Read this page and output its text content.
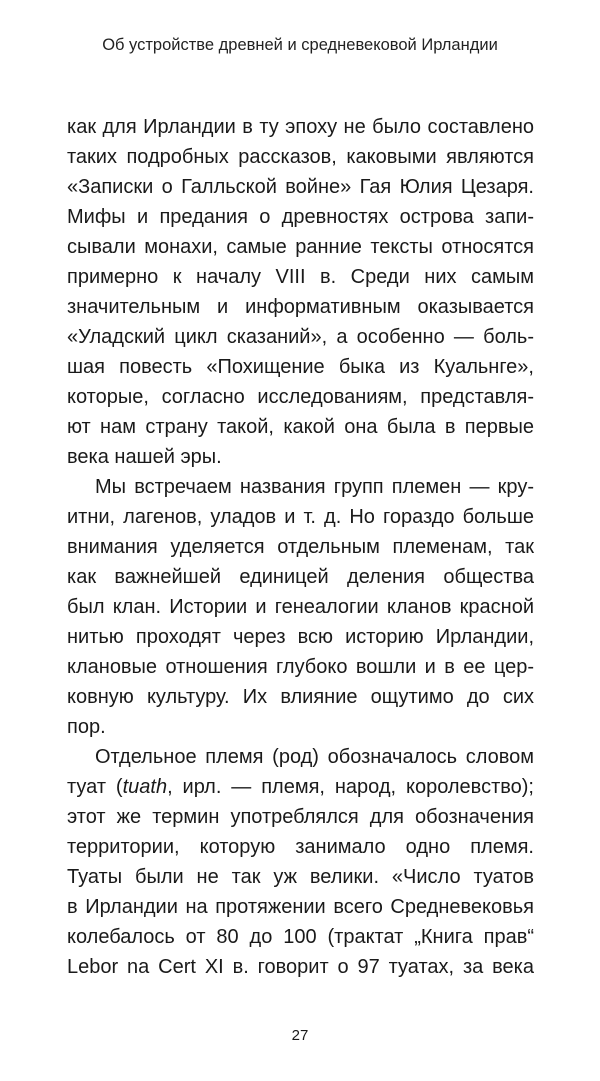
Об устройстве древней и средневековой Ирландии
как для Ирландии в ту эпоху не было составлено
таких подробных рассказов, каковыми являются
«Записки о Галльской войне» Гая Юлия Цезаря.
Мифы и предания о древностях острова запи-
сывали монахи, самые ранние тексты относятся
примерно к началу VIII в. Среди них самым
значительным и информативным оказывается
«Уладский цикл сказаний», а особенно — боль-
шая повесть «Похищение быка из Куальнге»,
которые, согласно исследованиям, представля-
ют нам страну такой, какой она была в первые
века нашей эры.
Мы встречаем названия групп племен — кру-
итни, лагенов, уладов и т. д. Но гораздо больше
внимания уделяется отдельным племенам, так
как важнейшей единицей деления общества
был клан. Истории и генеалогии кланов красной
нитью проходят через всю историю Ирландии,
клановые отношения глубоко вошли и в ее цер-
ковную культуру. Их влияние ощутимо до сих
пор.
Отдельное племя (род) обозначалось словом
туат (tuath, ирл. — племя, народ, королевство);
этот же термин употреблялся для обозначения
территории, которую занимало одно племя.
Туаты были не так уж велики. «Число туатов
в Ирландии на протяжении всего Средневековья
колебалось от 80 до 100 (трактат „Книга прав“
Lebor na Cert XI в. говорит о 97 туатах, за века
27
